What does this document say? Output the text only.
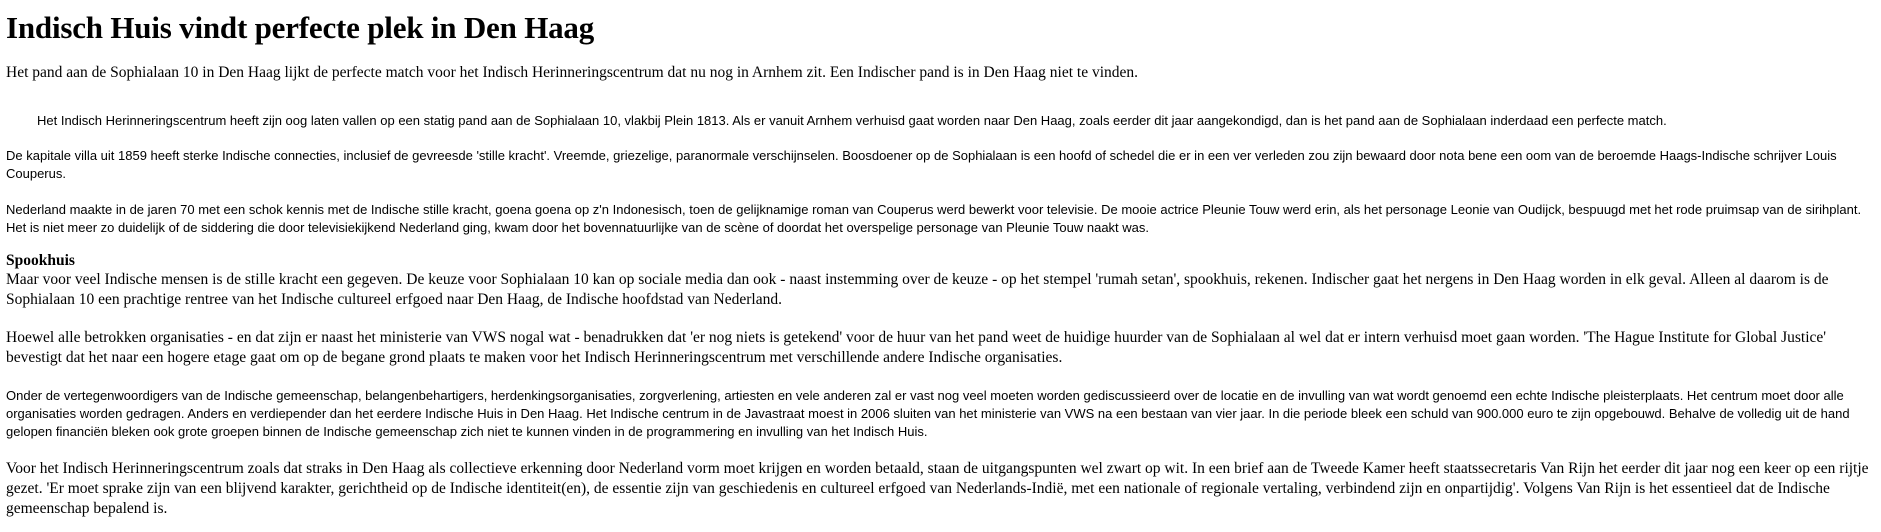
Indisch Huis vindt perfecte plek in Den Haag

Het pand aan de Sophialaan 10 in Den Haag lijkt de perfecte match voor het Indisch Herinneringscentrum dat nu nog in Arnhem zit. Een Indischer pand is in Den Haag niet te vinden.

Het Indisch Herinneringscentrum heeft zijn oog laten vallen op een statig pand aan de Sophialaan 10, vlakbij Plein 1813. Als er vanuit Arnhem verhuisd gaat worden naar Den Haag, zoals eerder dit jaar aangekondigd, dan is het pand aan de Sophialaan inderdaad een perfecte match.

De kapitale villa uit 1859 heeft sterke Indische connecties, inclusief de gevreesde 'stille kracht'. Vreemde, griezelige, paranormale verschijnselen. Boosdoener op de Sophialaan is een hoofd of schedel die er in een ver verleden zou zijn bewaard door nota bene een oom van de beroemde Haags-Indische schrijver Louis Couperus.

Nederland maakte in de jaren 70 met een schok kennis met de Indische stille kracht, goena goena op z'n Indonesisch, toen de gelijknamige roman van Couperus werd bewerkt voor televisie. De mooie actrice Pleunie Touw werd erin, als het personage Leonie van Oudijck, bespuugd met het rode pruimsap van de sirihplant. Het is niet meer zo duidelijk of de siddering die door televisiekijkend Nederland ging, kwam door het bovennatuurlijke van de scène of doordat het overspelige personage van Pleunie Touw naakt was.

Spookhuis

Maar voor veel Indische mensen is de stille kracht een gegeven. De keuze voor Sophialaan 10 kan op sociale media dan ook - naast instemming over de keuze - op het stempel 'rumah setan', spookhuis, rekenen. Indischer gaat het nergens in Den Haag worden in elk geval. Alleen al daarom is de Sophialaan 10 een prachtige rentree van het Indische cultureel erfgoed naar Den Haag, de Indische hoofdstad van Nederland.

Hoewel alle betrokken organisaties - en dat zijn er naast het ministerie van VWS nogal wat - benadrukken dat 'er nog niets is getekend' voor de huur van het pand weet de huidige huurder van de Sophialaan al wel dat er intern verhuisd moet gaan worden. 'The Hague Institute for Global Justice' bevestigt dat het naar een hogere etage gaat om op de begane grond plaats te maken voor het Indisch Herinneringscentrum met verschillende andere Indische organisaties.

Onder de vertegenwoordigers van de Indische gemeenschap, belangenbehartigers, herdenkingsorganisaties, zorgverlening, artiesten en vele anderen zal er vast nog veel moeten worden gediscussieerd over de locatie en de invulling van wat wordt genoemd een echte Indische pleisterplaats. Het centrum moet door alle organisaties worden gedragen. Anders en verdiepender dan het eerdere Indische Huis in Den Haag. Het Indische centrum in de Javastraat moest in 2006 sluiten van het ministerie van VWS na een bestaan van vier jaar. In die periode bleek een schuld van 900.000 euro te zijn opgebouwd. Behalve de volledig uit de hand gelopen financiën bleken ook grote groepen binnen de Indische gemeenschap zich niet te kunnen vinden in de programmering en invulling van het Indisch Huis.

Voor het Indisch Herinneringscentrum zoals dat straks in Den Haag als collectieve erkenning door Nederland vorm moet krijgen en worden betaald, staan de uitgangspunten wel zwart op wit. In een brief aan de Tweede Kamer heeft staatssecretaris Van Rijn het eerder dit jaar nog een keer op een rijtje gezet. 'Er moet sprake zijn van een blijvend karakter, gerichtheid op de Indische identiteit(en), de essentie zijn van geschiedenis en cultureel erfgoed van Nederlands-Indië, met een nationale of regionale vertaling, verbindend zijn en onpartijdig'. Volgens Van Rijn is het essentieel dat de Indische gemeenschap bepalend is.
